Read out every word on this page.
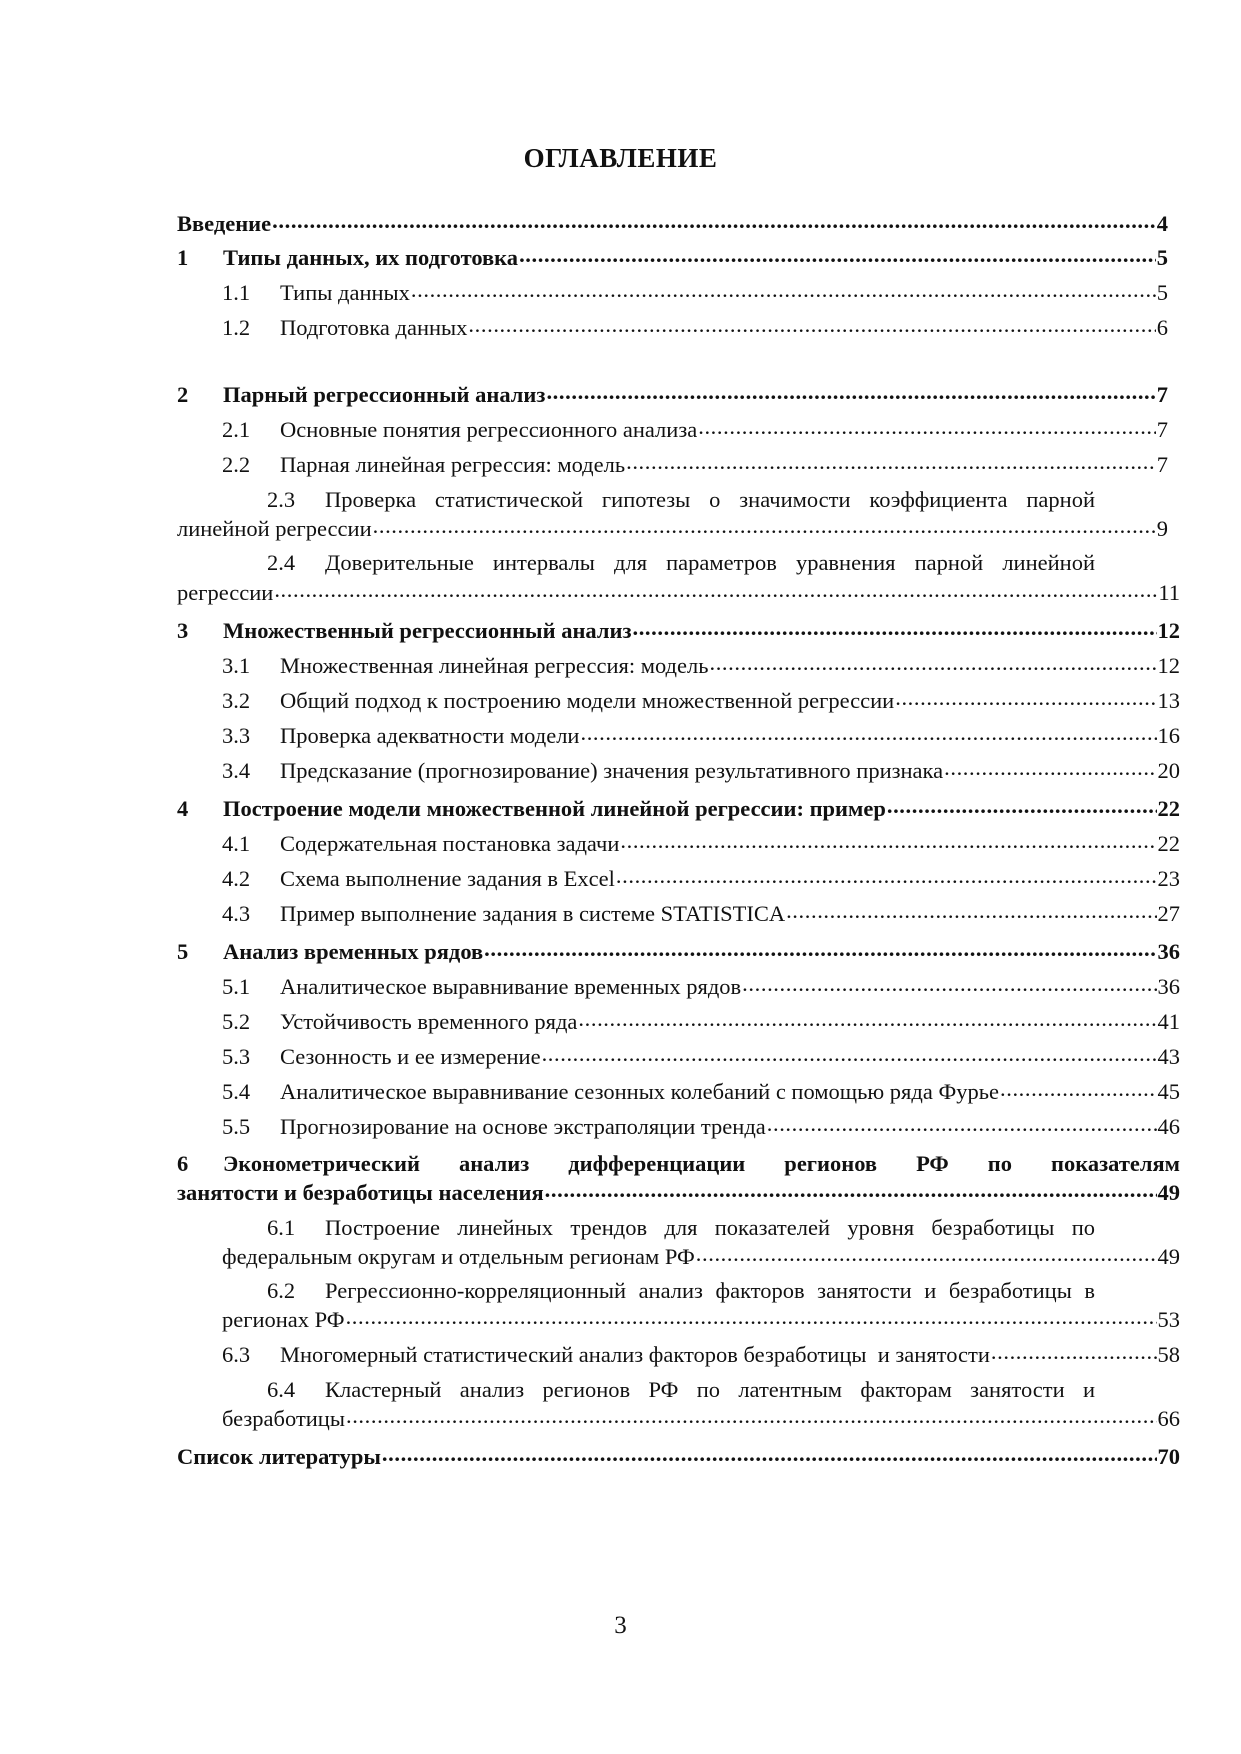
ОГЛАВЛЕНИЕ
Введение .....	4
1	Типы данных, их подготовка .....	5
1.1	Типы данных .....	5
1.2	Подготовка данных .....	6
2	Парный регрессионный анализ .....	7
2.1	Основные понятия регрессионного анализа .....	7
2.2	Парная линейная регрессия: модель .....	7
2.3 Проверка статистической гипотезы о значимости коэффициента парной
линейной регрессии .....	9
2.4 Доверительные интервалы для параметров уравнения парной линейной
регрессии .....	11
3	Множественный регрессионный анализ .....	12
3.1	Множественная линейная регрессия: модель .....	12
3.2	Общий подход к построению модели множественной регрессии .....	13
3.3	Проверка адекватности модели .....	16
3.4	Предсказание (прогнозирование) значения результативного признака .....	20
4	Построение модели множественной линейной регрессии: пример .....	22
4.1	Содержательная постановка задачи .....	22
4.2	Схема выполнение задания в Excel .....	23
4.3	Пример выполнение задания в системе STATISTICA .....	27
5	Анализ временных рядов .....	36
5.1	Аналитическое выравнивание временных рядов .....	36
5.2	Устойчивость временного ряда .....	41
5.3	Сезонность и ее измерение .....	43
5.4	Аналитическое выравнивание сезонных колебаний с помощью ряда Фурье .....	45
5.5	Прогнозирование на основе экстраполяции тренда .....	46
6 Эконометрический анализ дифференциации регионов РФ по показателям
занятости и безработицы населения .....	49
6.1 Построение линейных трендов для показателей уровня безработицы по
федеральным округам и отдельным регионам РФ .....	49
6.2 Регрессионно-корреляционный анализ факторов занятости и безработицы в
регионах РФ .....	53
6.3	Многомерный статистический анализ факторов безработицы  и занятости .....	58
6.4 Кластерный анализ регионов РФ по латентным факторам занятости и
безработицы .....	66
Список литературы .....	70
3
